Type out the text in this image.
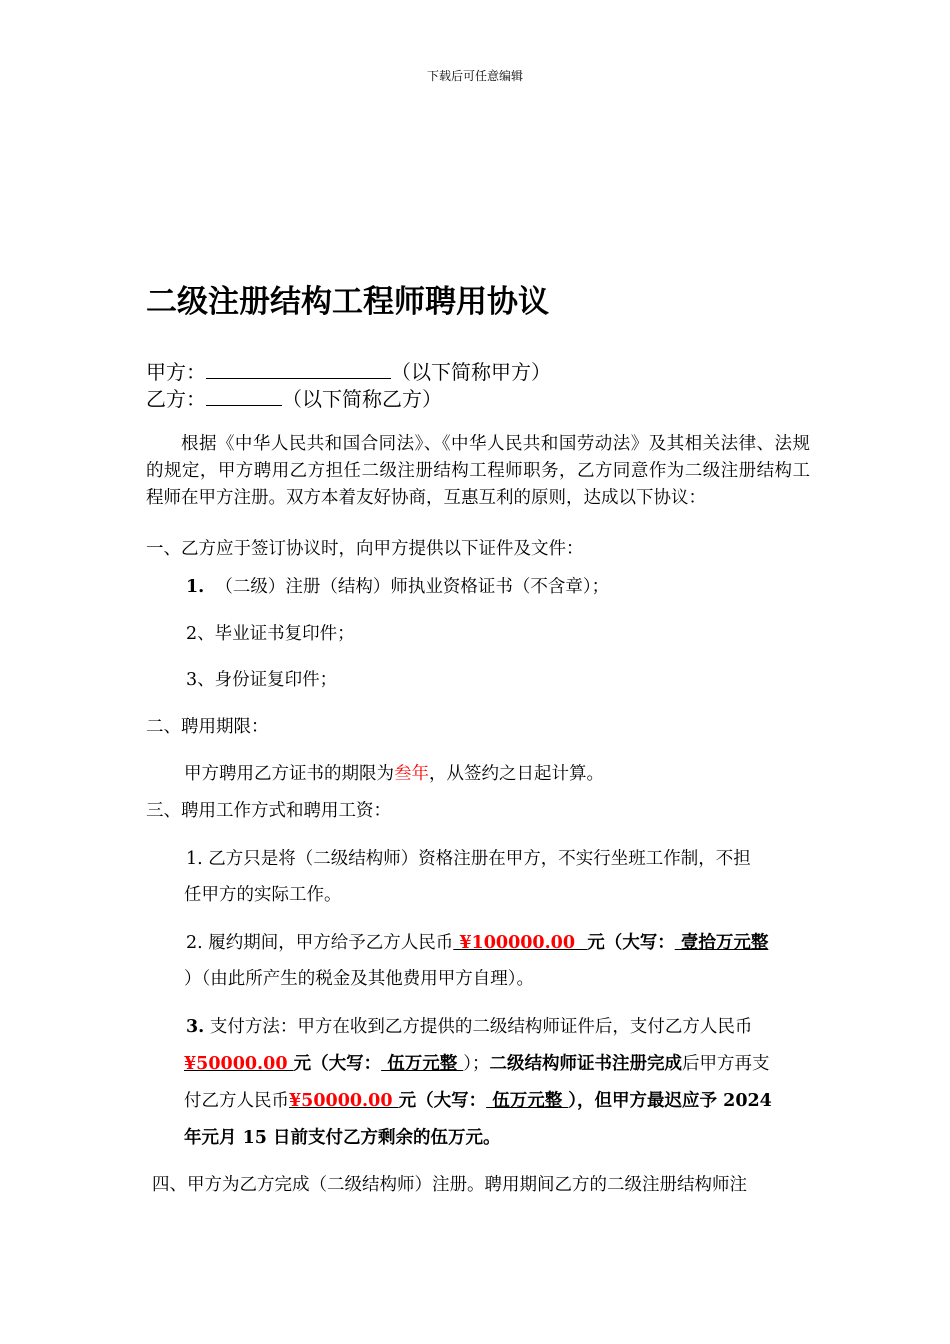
下载后可任意编辑
二级注册结构工程师聘用协议
甲方：	（以下简称甲方）
乙方：	（以下简称乙方）
根据《中华人民共和国合同法》、《中华人民共和国劳动法》及其相关法律、法规的规定，甲方聘用乙方担任二级注册结构工程师职务，乙方同意作为二级注册结构工程师在甲方注册。双方本着友好协商，互惠互利的原则，达成以下协议：
一、乙方应于签订协议时，向甲方提供以下证件及文件：
1. （二级）注册（结构）师执业资格证书（不含章）；
2、毕业证书复印件；
3、身份证复印件；
二、聘用期限：
甲方聘用乙方证书的期限为叁年，从签约之日起计算。
三、聘用工作方式和聘用工资：
1. 乙方只是将（二级结构师）资格注册在甲方，不实行坐班工作制，不担
任甲方的实际工作。
2. 履约期间，甲方给予乙方人民币 ¥100000.00  元（大写： 壹拾万元整
）（由此所产生的税金及其他费用甲方自理）。
3. 支付方法：甲方在收到乙方提供的二级结构师证件后，支付乙方人民币
¥50000.00 元（大写： 伍万元整 ）；二级结构师证书注册完成后甲方再支
付乙方人民币¥50000.00 元（大写： 伍万元整 ），但甲方最迟应予 2024
年元月 15 日前支付乙方剩余的伍万元。
四、甲方为乙方完成（二级结构师）注册。聘用期间乙方的二级注册结构师注
